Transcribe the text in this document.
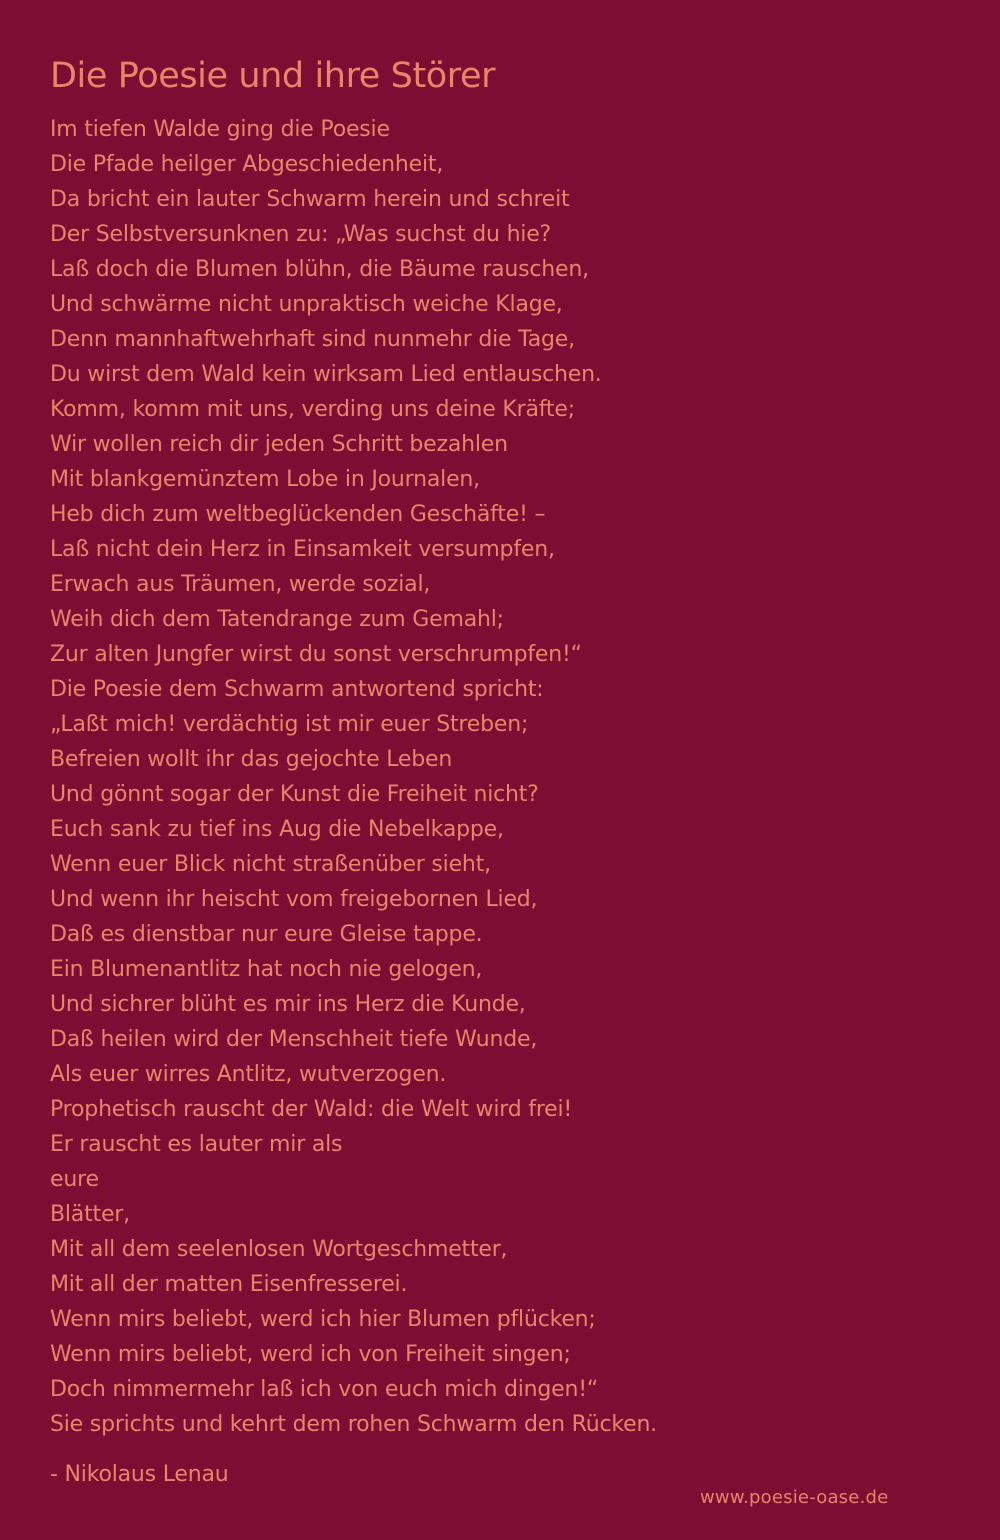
Die Poesie und ihre Störer
Im tiefen Walde ging die Poesie
Die Pfade heilger Abgeschiedenheit,
Da bricht ein lauter Schwarm herein und schreit
Der Selbstversunknen zu: „Was suchst du hie?
Laß doch die Blumen blühn, die Bäume rauschen,
Und schwärme nicht unpraktisch weiche Klage,
Denn mannhaftwehrhaft sind nunmehr die Tage,
Du wirst dem Wald kein wirksam Lied entlauschen.
Komm, komm mit uns, verding uns deine Kräfte;
Wir wollen reich dir jeden Schritt bezahlen
Mit blankgemünztem Lobe in Journalen,
Heb dich zum weltbeglückenden Geschäfte! –
Laß nicht dein Herz in Einsamkeit versumpfen,
Erwach aus Träumen, werde sozial,
Weih dich dem Tatendrange zum Gemahl;
Zur alten Jungfer wirst du sonst verschrumpfen!“
Die Poesie dem Schwarm antwortend spricht:
„Laßt mich! verdächtig ist mir euer Streben;
Befreien wollt ihr das gejochte Leben
Und gönnt sogar der Kunst die Freiheit nicht?
Euch sank zu tief ins Aug die Nebelkappe,
Wenn euer Blick nicht straßenüber sieht,
Und wenn ihr heischt vom freigebornen Lied,
Daß es dienstbar nur eure Gleise tappe.
Ein Blumenantlitz hat noch nie gelogen,
Und sichrer blüht es mir ins Herz die Kunde,
Daß heilen wird der Menschheit tiefe Wunde,
Als euer wirres Antlitz, wutverzogen.
Prophetisch rauscht der Wald: die Welt wird frei!
Er rauscht es lauter mir als
eure
Blätter,
Mit all dem seelenlosen Wortgeschmetter,
Mit all der matten Eisenfresserei.
Wenn mirs beliebt, werd ich hier Blumen pflücken;
Wenn mirs beliebt, werd ich von Freiheit singen;
Doch nimmermehr laß ich von euch mich dingen!“
Sie sprichts und kehrt dem rohen Schwarm den Rücken.
- Nikolaus Lenau
www.poesie-oase.de
